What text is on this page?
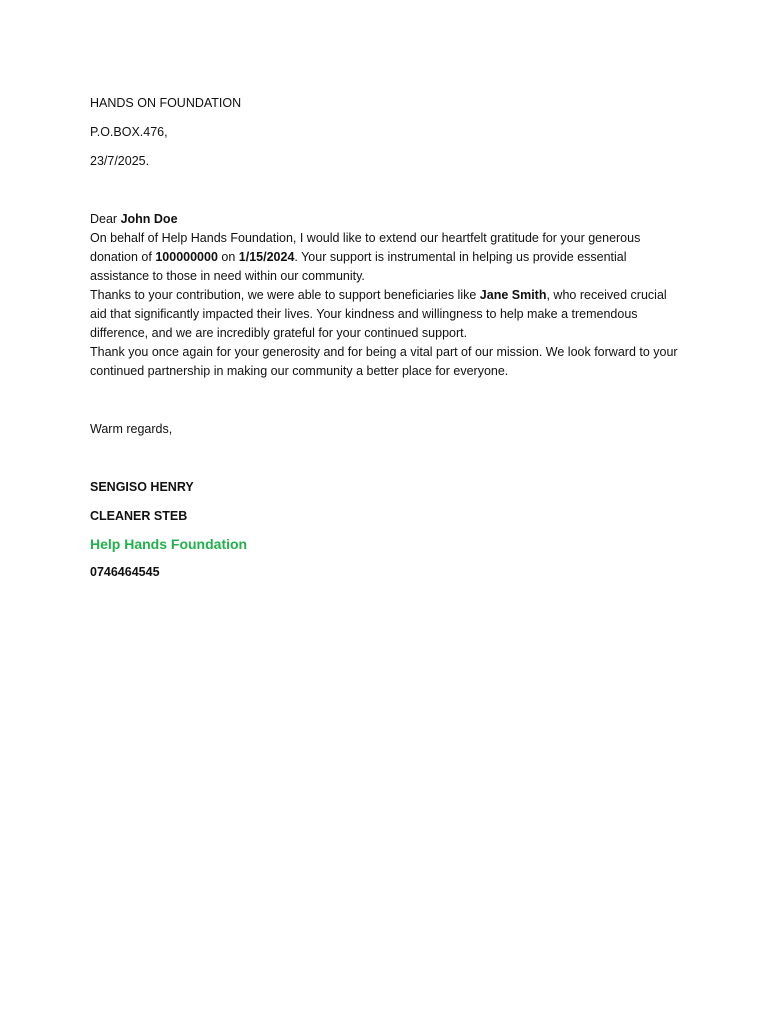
HANDS ON FOUNDATION

P.O.BOX.476,

23/7/2025.

Dear John Doe

On behalf of Help Hands Foundation, I would like to extend our heartfelt gratitude for your generous donation of 100000000 on 1/15/2024. Your support is instrumental in helping us provide essential assistance to those in need within our community.

Thanks to your contribution, we were able to support beneficiaries like Jane Smith, who received crucial aid that significantly impacted their lives. Your kindness and willingness to help make a tremendous difference, and we are incredibly grateful for your continued support.

Thank you once again for your generosity and for being a vital part of our mission. We look forward to your continued partnership in making our community a better place for everyone.

Warm regards,

SENGISO HENRY

CLEANER STEB

Help Hands Foundation

0746464545
